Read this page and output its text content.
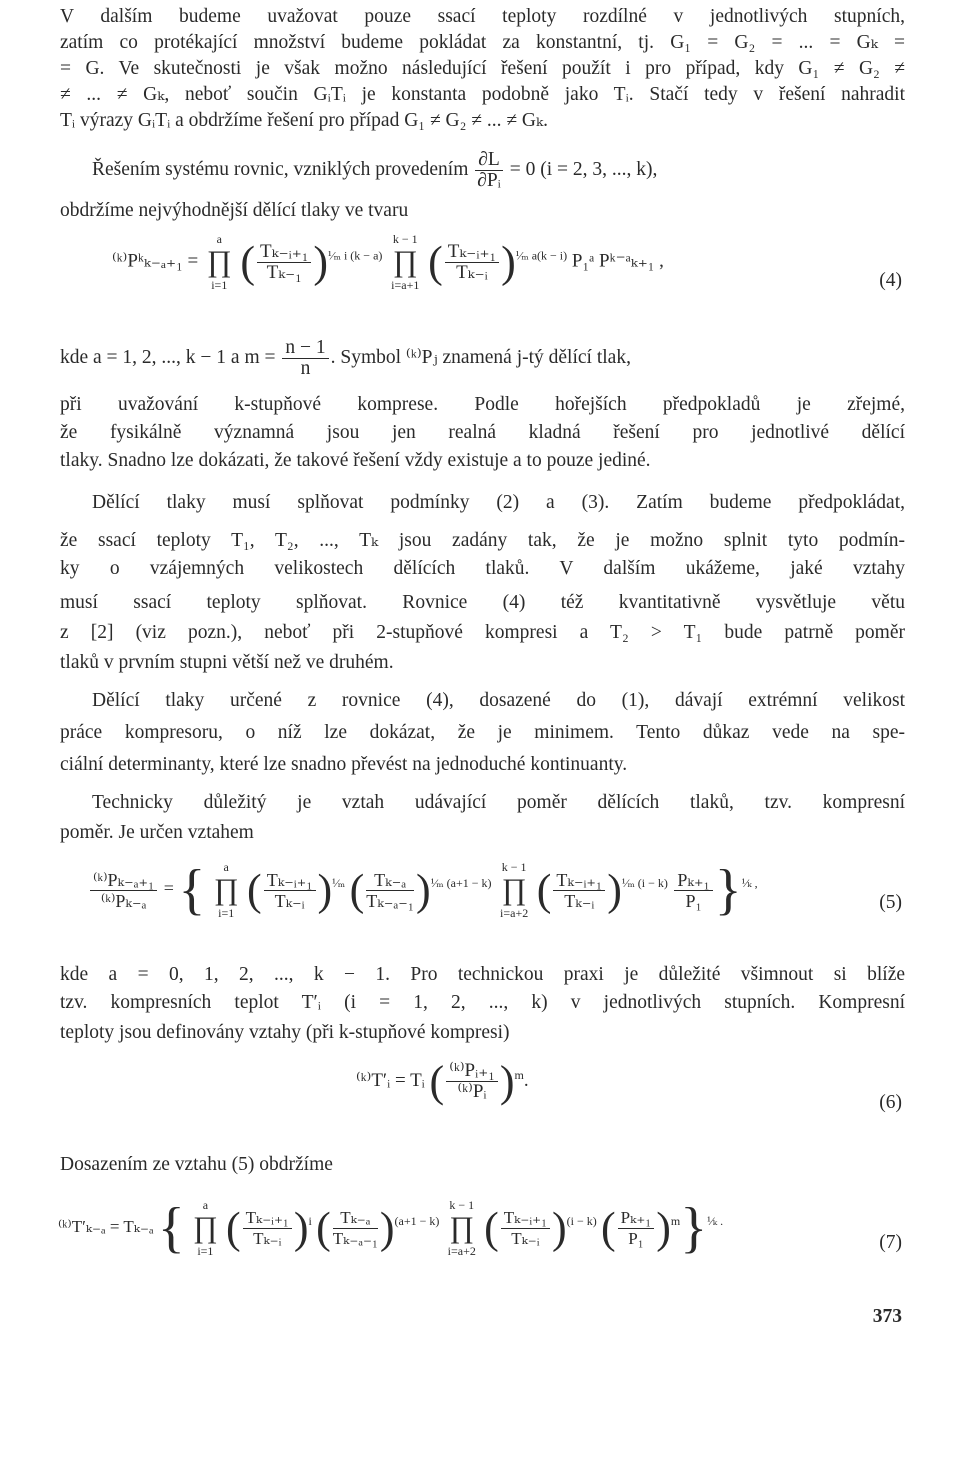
V dalším budeme uvažovat pouze ssací teploty rozdílné v jednotlivých stupních,
zatím co protékající množství budeme pokládat za konstantní, tj. G₁ = G₂ = ... = Gₖ =
= G. Ve skutečnosti je však možno následující řešení použít i pro případ, kdy G₁ ≠ G₂ ≠
≠ ... ≠ Gₖ, neboť součin GᵢTᵢ je konstanta podobně jako Tᵢ. Stačí tedy v řešení nahradit
Tᵢ výrazy GᵢTᵢ a obdržíme řešení pro případ G₁ ≠ G₂ ≠ ... ≠ Gₖ.
Řešením systému rovnic, vzniklých provedením $\frac{\partial L}{\text{∂Pᵢ}} = 0$ (i = 2, 3, ..., k),
obdržíme nejvýhodnější dělící tlaky ve tvaru
⁽ᵏ⁾Pᵏₖ₋ₐ₊₁ =
a
∏
i=1 ( $\frac{\text{Tₖ₋ᵢ₊₁}}{\text{Tₖ₋₁}} )^{^1⁄_m i (k - a)}$
k − 1
∏
i=a+1 ( $\frac{\text{Tₖ₋ᵢ₊₁}}{\text{Tₖ₋ᵢ}} )^{^1⁄_m a(k - i)}$ P₁ᵃ Pᵏ⁻ᵃₖ₊₁ ,
(4)
kde a = 1, 2, ..., k − 1 a $m = \frac{n - 1}{n}$ . Symbol ⁽ᵏ⁾Pⱼ znamená j-tý dělící tlak,
při uvažování k-stupňové komprese. Podle hořejších předpokladů je zřejmé,
že fysikálně významná jsou jen realná kladná řešení pro jednotlivé dělící
tlaky. Snadno lze dokázati, že takové řešení vždy existuje a to pouze jediné.
Dělící tlaky musí splňovat podmínky (2) a (3). Zatím budeme předpokládat,
že ssací teploty T₁, T₂, ..., Tₖ jsou zadány tak, že je možno splnit tyto podmín-
ky o vzájemných velikostech dělících tlaků. V dalším ukážeme, jaké vztahy
musí ssací teploty splňovat. Rovnice (4) též kvantitativně vysvětluje větu
z [2] (viz pozn.), neboť při 2-stupňové kompresi a T₂ > T₁ bude patrně poměr
tlaků v prvním stupni větší než ve druhém.
Dělící tlaky určené z rovnice (4), dosazené do (1), dávají extrémní velikost
práce kompresoru, o níž lze dokázat, že je minimem. Tento důkaz vede na spe-
ciální determinanty, které lze snadno převést na jednoduché kontinuanty.
Technicky důležitý je vztah udávající poměr dělících tlaků, tzv. kompresní
poměr. Je určen vztahem
$\frac{\text{⁽ᵏ⁾Pₖ₋ₐ₊₁}}{\text{⁽ᵏ⁾Pₖ₋ₐ}}$ = {	a
∏
i=1 ( $\frac{\text{Tₖ₋ᵢ₊₁}}{\text{Tₖ₋ᵢ}} )^{^1⁄_m}$ ( $\frac{\text{Tₖ₋ₐ}}{\text{Tₖ₋ₐ₋₁}} )^{^1⁄_m (a+1 - k)}$
k − 1
∏
i=a+2 ( $\frac{\text{Tₖ₋ᵢ₊₁}}{\text{Tₖ₋ᵢ}} )^{^1⁄_m (i - k)} \frac{\text{Pₖ₊₁}}{\text{P₁}} \}^{^1⁄_k ,}$
(5)
kde a = 0, 1, 2, ..., k − 1. Pro technickou praxi je důležité všimnout si blíže
tzv. kompresních teplot T′ᵢ (i = 1, 2, ..., k) v jednotlivých stupních. Kompresní
teploty jsou definovány vztahy (při k-stupňové kompresi)
⁽ᵏ⁾T′ᵢ = Tᵢ ( $\frac{\text{⁽ᵏ⁾Pᵢ₊₁}}{\text{⁽ᵏ⁾Pᵢ}} )^m$.
(6)
Dosazením ze vztahu (5) obdržíme
⁽ᵏ⁾T′ₖ₋ₐ = Tₖ₋ₐ {	a
∏
i=1 ( $\frac{\text{Tₖ₋ᵢ₊₁}}{\text{Tₖ₋ᵢ}} )^i$ ( $\frac{\text{Tₖ₋ₐ}}{\text{Tₖ₋ₐ₋₁}} )^{(a+1 - k)}$
k − 1
∏
i=a+2 ( $\frac{\text{Tₖ₋ᵢ₊₁}}{\text{Tₖ₋ᵢ}} )^{(i - k)}$ ( $\frac{\text{Pₖ₊₁}}{\text{P₁}} )^m\}^{^1⁄_k .}$
(7)
373
